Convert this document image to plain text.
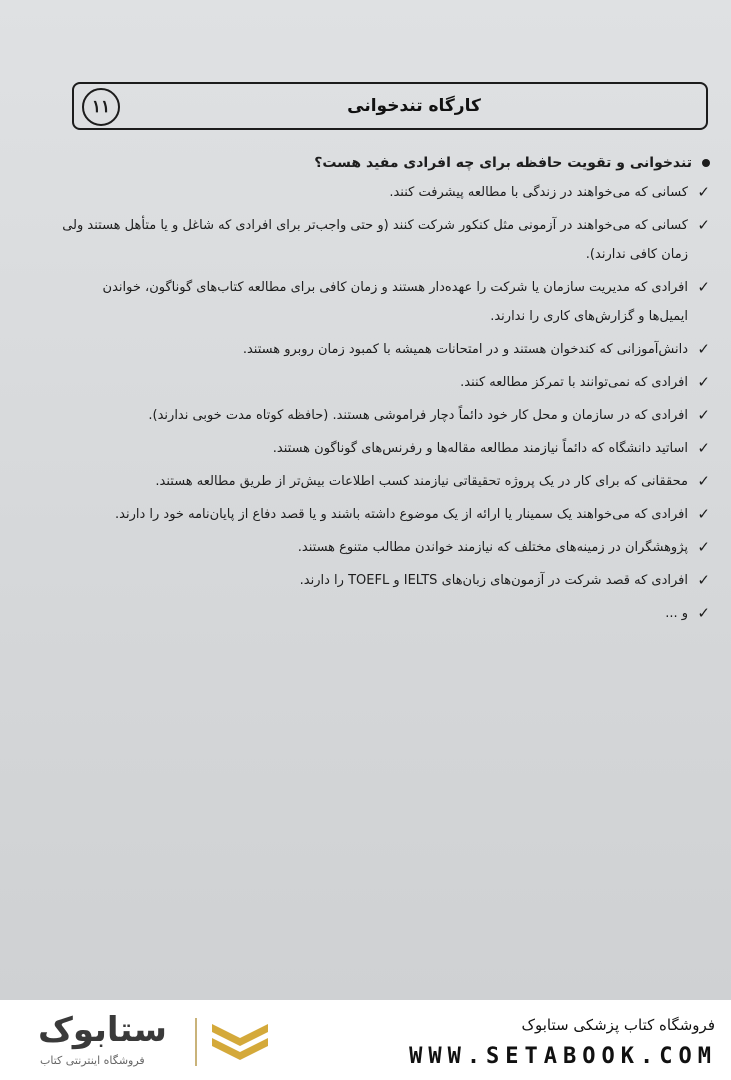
۱۱	کارگاه تندخوانی
تندخوانی و تقویت حافظه برای چه افرادی مفید هست؟
✓
کسانی که می‌خواهند در زندگی با مطالعه پیشرفت کنند.
✓
کسانی که می‌خواهند در آزمونی مثل کنکور شرکت کنند (و حتی واجب‌تر برای افرادی که شاغل و یا متأهل هستند ولی زمان کافی ندارند).
✓
افرادی که مدیریت سازمان یا شرکت را عهده‌دار هستند و زمان کافی برای مطالعه کتاب‌های گوناگون، خواندن ایمیل‌ها و گزارش‌های کاری را ندارند.
✓
دانش‌آموزانی که کندخوان هستند و در امتحانات همیشه با کمبود زمان روبرو هستند.
✓
افرادی که نمی‌توانند با تمرکز مطالعه کنند.
✓
افرادی که در سازمان و محل کار خود دائماً دچار فراموشی هستند. (حافظه کوتاه مدت خوبی ندارند).
✓
اساتید دانشگاه که دائماً نیازمند مطالعه مقاله‌ها و رفرنس‌های گوناگون هستند.
✓
محققانی که برای کار در یک پروژه تحقیقاتی نیازمند کسب اطلاعات بیش‌تر از طریق مطالعه هستند.
✓
افرادی که می‌خواهند یک سمینار یا ارائه از یک موضوع داشته باشند و یا قصد دفاع از پایان‌نامه خود را دارند.
✓
پژوهشگران در زمینه‌های مختلف که نیازمند خواندن مطالب متنوع هستند.
✓
افرادی که قصد شرکت در آزمون‌های زبان‌های IELTS و TOEFL را دارند.
✓
و ...
ستابوک
فروشگاه اینترنتی کتاب
فروشگاه کتاب پزشکی ستابوک
WWW.SETABOOK.COM
